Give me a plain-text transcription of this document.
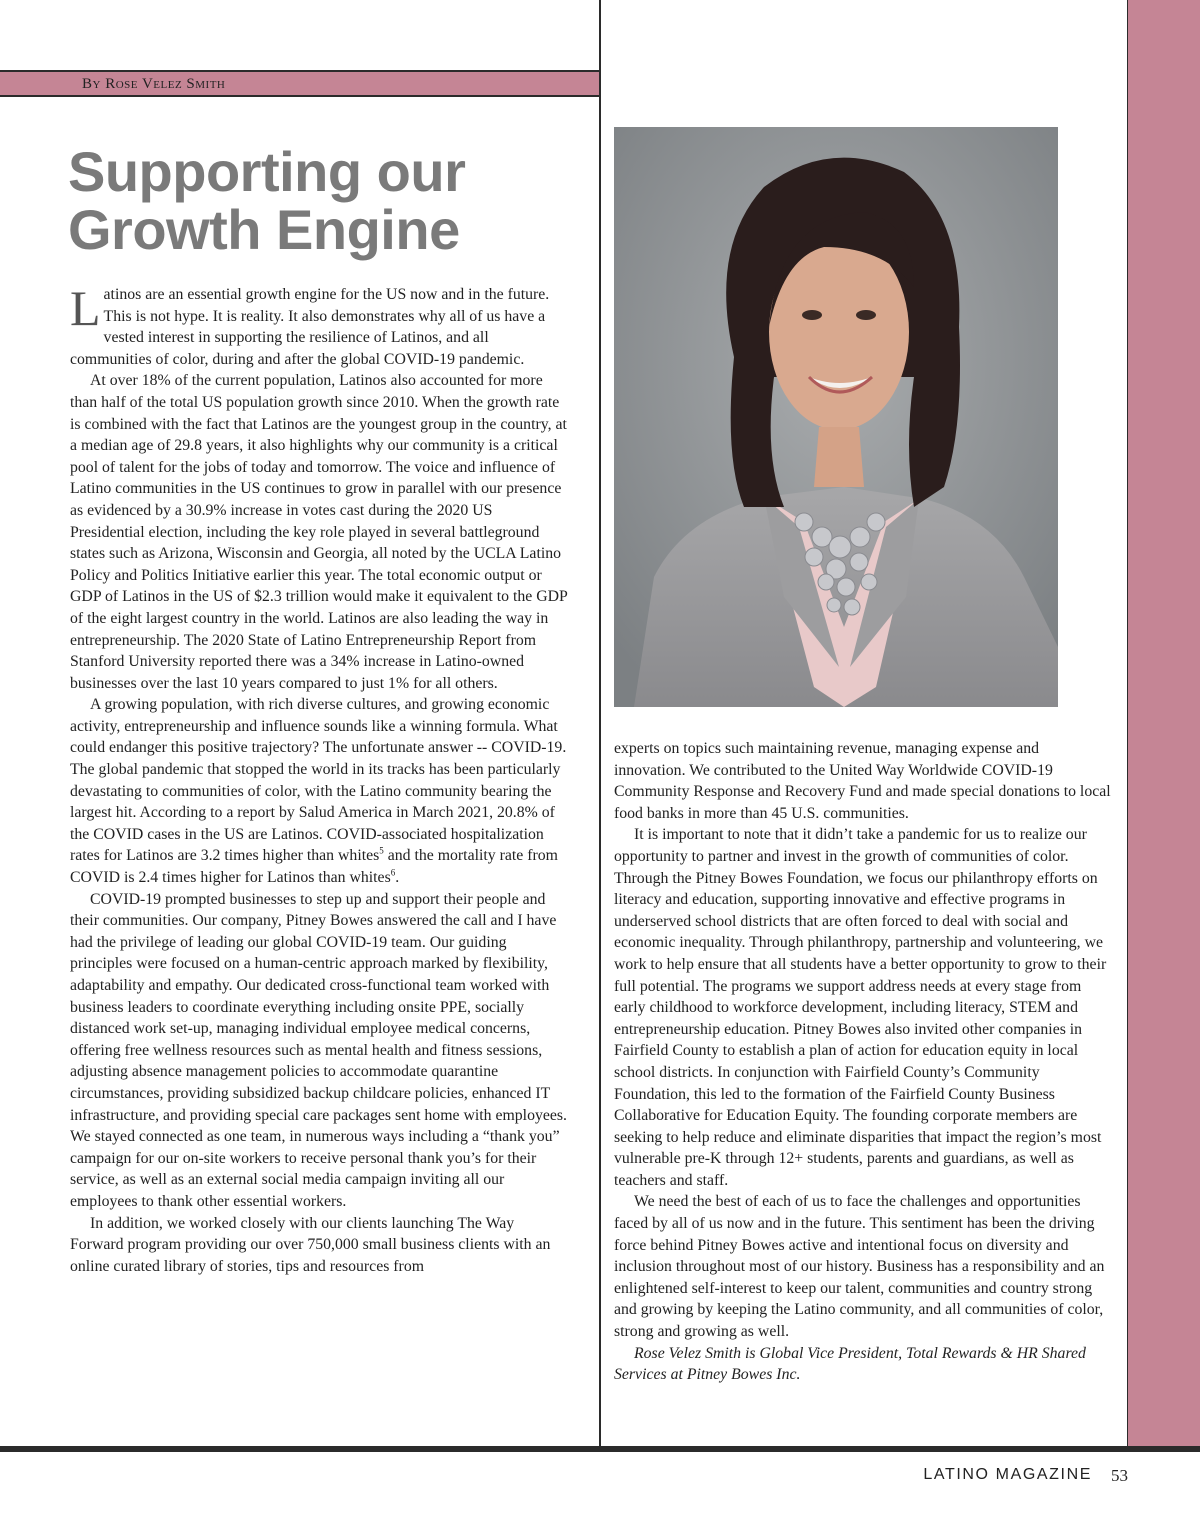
By Rose Velez Smith
Supporting our
Growth Engine

Latinos are an essential growth engine for the US now and in the future. This is not hype. It is reality. It also demonstrates why all of us have a vested interest in supporting the resilience of Latinos, and all communities of color, during and after the global COVID-19 pandemic.

At over 18% of the current population, Latinos also accounted for more than half of the total US population growth since 2010. When the growth rate is combined with the fact that Latinos are the youngest group in the country, at a median age of 29.8 years, it also highlights why our community is a critical pool of talent for the jobs of today and tomorrow. The voice and influence of Latino communities in the US continues to grow in parallel with our presence as evidenced by a 30.9% increase in votes cast during the 2020 US Presidential election, including the key role played in several battleground states such as Arizona, Wisconsin and Georgia, all noted by the UCLA Latino Policy and Politics Initiative earlier this year. The total economic output or GDP of Latinos in the US of $2.3 trillion would make it equivalent to the GDP of the eight largest country in the world. Latinos are also leading the way in entrepreneurship. The 2020 State of Latino Entrepreneurship Report from Stanford University reported there was a 34% increase in Latino-owned businesses over the last 10 years compared to just 1% for all others.

A growing population, with rich diverse cultures, and growing economic activity, entrepreneurship and influence sounds like a winning formula. What could endanger this positive trajectory? The unfortunate answer -- COVID-19. The global pandemic that stopped the world in its tracks has been particularly devastating to communities of color, with the Latino community bearing the largest hit. According to a report by Salud America in March 2021, 20.8% of the COVID cases in the US are Latinos. COVID-associated hospitalization rates for Latinos are 3.2 times higher than whites$^5$ and the mortality rate from COVID is 2.4 times higher for Latinos than whites$^6$.

COVID-19 prompted businesses to step up and support their people and their communities. Our company, Pitney Bowes answered the call and I have had the privilege of leading our global COVID-19 team. Our guiding principles were focused on a human-centric approach marked by flexibility, adaptability and empathy. Our dedicated cross-functional team worked with business leaders to coordinate everything including onsite PPE, socially distanced work set-up, managing individual employee medical concerns, offering free wellness resources such as mental health and fitness sessions, adjusting absence management policies to accommodate quarantine circumstances, providing subsidized backup childcare policies, enhanced IT infrastructure, and providing special care packages sent home with employees. We stayed connected as one team, in numerous ways including a “thank you” campaign for our on-site workers to receive personal thank you’s for their service, as well as an external social media campaign inviting all our employees to thank other essential workers.

In addition, we worked closely with our clients launching The Way Forward program providing our over 750,000 small business clients with an online curated library of stories, tips and resources from

experts on topics such maintaining revenue, managing expense and innovation. We contributed to the United Way Worldwide COVID-19 Community Response and Recovery Fund and made special donations to local food banks in more than 45 U.S. communities.

It is important to note that it didn’t take a pandemic for us to realize our opportunity to partner and invest in the growth of communities of color. Through the Pitney Bowes Foundation, we focus our philanthropy efforts on literacy and education, supporting innovative and effective programs in underserved school districts that are often forced to deal with social and economic inequality. Through philanthropy, partnership and volunteering, we work to help ensure that all students have a better opportunity to grow to their full potential. The programs we support address needs at every stage from early childhood to workforce development, including literacy, STEM and entrepreneurship education. Pitney Bowes also invited other companies in Fairfield County to establish a plan of action for education equity in local school districts. In conjunction with Fairfield County’s Community Foundation, this led to the formation of the Fairfield County Business Collaborative for Education Equity. The founding corporate members are seeking to help reduce and eliminate disparities that impact the region’s most vulnerable pre-K through 12+ students, parents and guardians, as well as teachers and staff.

We need the best of each of us to face the challenges and opportunities faced by all of us now and in the future. This sentiment has been the driving force behind Pitney Bowes active and intentional focus on diversity and inclusion throughout most of our history. Business has a responsibility and an enlightened self-interest to keep our talent, communities and country strong and growing by keeping the Latino community, and all communities of color, strong and growing as well.

Rose Velez Smith is Global Vice President, Total Rewards & HR Shared Services at Pitney Bowes Inc.

LATINO MAGAZINE 53
